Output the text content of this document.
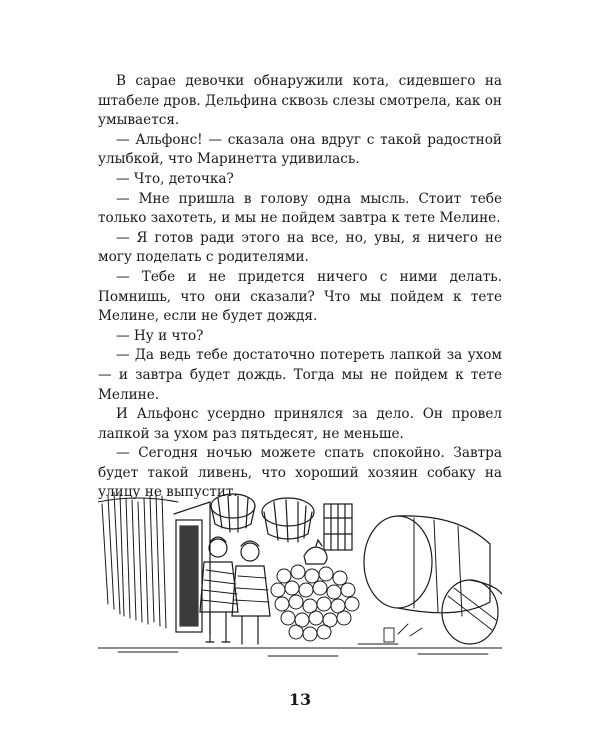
В сарае девочки обнаружили кота, сидевшего на штабеле дров. Дельфина сквозь слезы смотрела, как он умывается.

— Альфонс! — сказала она вдруг с такой радостной улыбкой, что Маринетта удивилась.

— Что, деточка?

— Мне пришла в голову одна мысль. Стоит тебе только захотеть, и мы не пойдем завтра к тете Мелине.

— Я готов ради этого на все, но, увы, я ничего не могу поделать с родителями.

— Тебе и не придется ничего с ними делать. Помнишь, что они сказали? Что мы пойдем к тете Мелине, если не будет дождя.

— Ну и что?

— Да ведь тебе достаточно потереть лапкой за ухом — и завтра будет дождь. Тогда мы не пойдем к тете Мелине.

И Альфонс усердно принялся за дело. Он провел лапкой за ухом раз пятьдесят, не меньше.

— Сегодня ночью можете спать спокойно. Завтра будет такой ливень, что хороший хозяин собаку на улицу не выпустит.

13
